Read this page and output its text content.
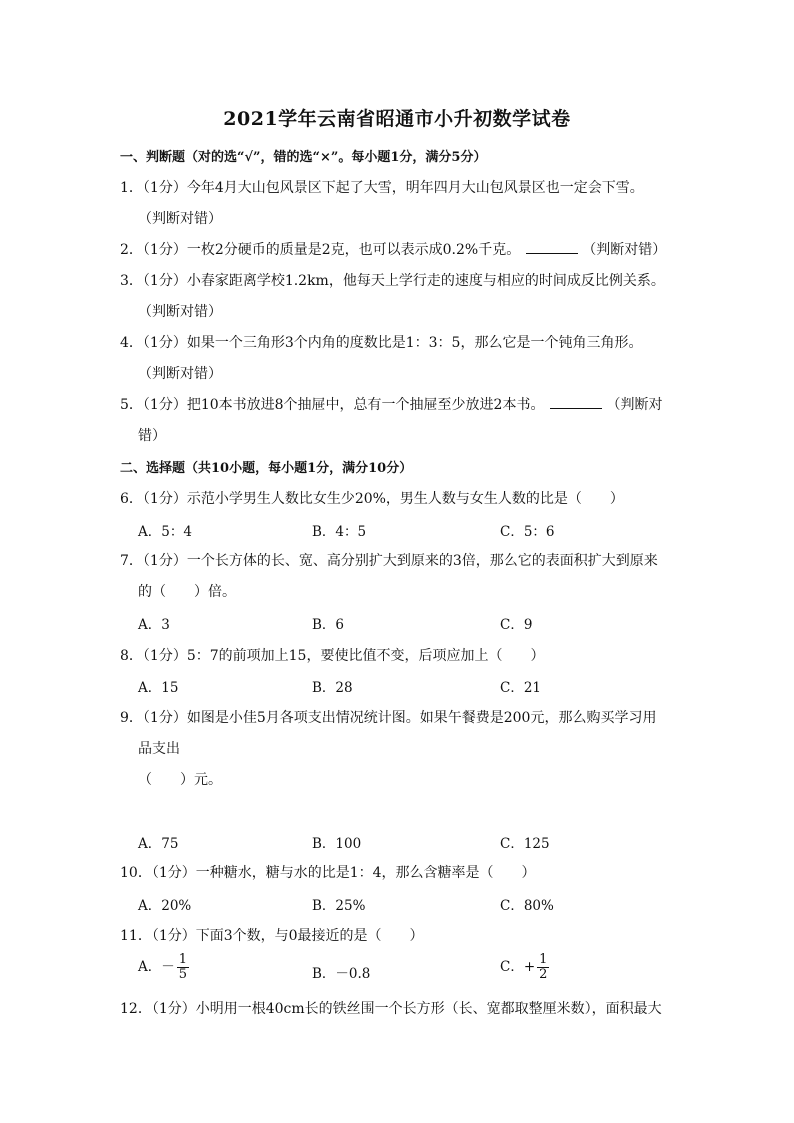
2021学年云南省昭通市小升初数学试卷
一、判断题（对的选“√”，错的选“×”。每小题1分，满分5分）
1．（1分）今年4月大山包风景区下起了大雪，明年四月大山包风景区也一定会下雪。
（判断对错）
2．（1分）一枚2分硬币的质量是2克，也可以表示成0.2%千克。	（判断对错）
3．（1分）小春家距离学校1.2km，他每天上学行走的速度与相应的时间成反比例关系。
（判断对错）
4．（1分）如果一个三角形3个内角的度数比是1：3：5，那么它是一个钝角三角形。
（判断对错）
5．（1分）把10本书放进8个抽屉中，总有一个抽屉至少放进2本书。	（判断对
错）
二、选择题（共10小题，每小题1分，满分10分）
6．（1分）示范小学男生人数比女生少20%，男生人数与女生人数的比是（　　）
A．5：4	B．4：5	C．5：6
7．（1分）一个长方体的长、宽、高分别扩大到原来的3倍，那么它的表面积扩大到原来
的（　　）倍。
A．3	B．6	C．9
8．（1分）5：7的前项加上15，要使比值不变，后项应加上（　　）
A．15	B．28	C．21
9．（1分）如图是小佳5月各项支出情况统计图。如果午餐费是200元，那么购买学习用
品支出
（　　）元。
A．75	B．100	C．125
10．（1分）一种糖水，糖与水的比是1：4，那么含糖率是（　　）
A．20%	B．25%	C．80%
11．（1分）下面3个数，与0最接近的是（　　）
A．－ $\frac{1}{5}$	B．－0.8	C．+ $\frac{1}{2}$
12．（1分）小明用一根40cm长的铁丝围一个长方形（长、宽都取整厘米数），面积最大
